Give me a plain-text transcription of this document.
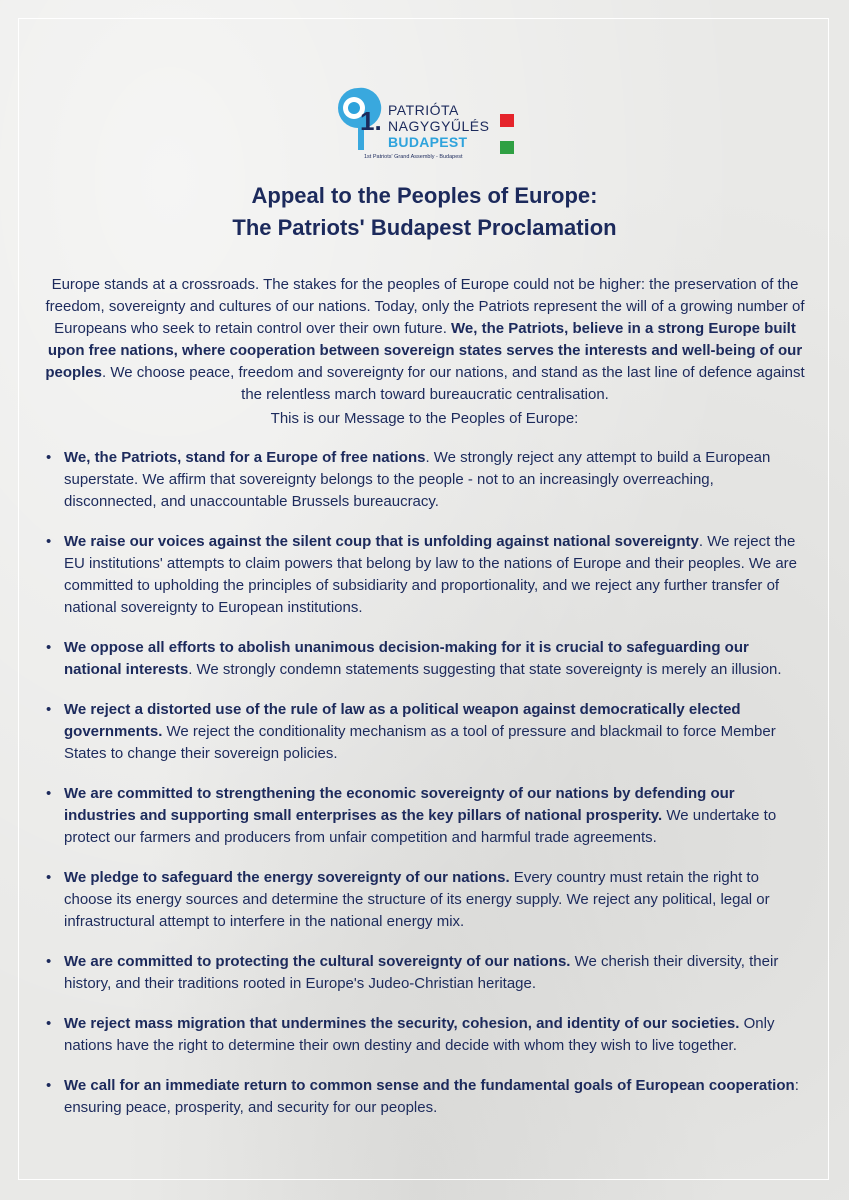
1. PATRIÓTA
NAGYGYŰLÉS
BUDAPEST
1st Patriots' Grand Assembly - Budapest
Appeal to the Peoples of Europe:
The Patriots' Budapest Proclamation

Europe stands at a crossroads. The stakes for the peoples of Europe could not be higher: the preservation of the freedom, sovereignty and cultures of our nations. Today, only the Patriots represent the will of a growing number of Europeans who seek to retain control over their own future. We, the Patriots, believe in a strong Europe built upon free nations, where cooperation between sovereign states serves the interests and well-being of our peoples. We choose peace, freedom and sovereignty for our nations, and stand as the last line of defence against the relentless march toward bureaucratic centralisation.

This is our Message to the Peoples of Europe:

• We, the Patriots, stand for a Europe of free nations. We strongly reject any attempt to build a European superstate. We affirm that sovereignty belongs to the people - not to an increasingly overreaching, disconnected, and unaccountable Brussels bureaucracy.
• We raise our voices against the silent coup that is unfolding against national sovereignty. We reject the EU institutions' attempts to claim powers that belong by law to the nations of Europe and their peoples. We are committed to upholding the principles of subsidiarity and proportionality, and we reject any further transfer of national sovereignty to European institutions.
• We oppose all efforts to abolish unanimous decision-making for it is crucial to safeguarding our national interests. We strongly condemn statements suggesting that state sovereignty is merely an illusion.
• We reject a distorted use of the rule of law as a political weapon against democratically elected governments. We reject the conditionality mechanism as a tool of pressure and blackmail to force Member States to change their sovereign policies.
• We are committed to strengthening the economic sovereignty of our nations by defending our industries and supporting small enterprises as the key pillars of national prosperity. We undertake to protect our farmers and producers from unfair competition and harmful trade agreements.
• We pledge to safeguard the energy sovereignty of our nations. Every country must retain the right to choose its energy sources and determine the structure of its energy supply. We reject any political, legal or infrastructural attempt to interfere in the national energy mix.
• We are committed to protecting the cultural sovereignty of our nations. We cherish their diversity, their history, and their traditions rooted in Europe's Judeo-Christian heritage.
• We reject mass migration that undermines the security, cohesion, and identity of our societies. Only nations have the right to determine their own destiny and decide with whom they wish to live together.
• We call for an immediate return to common sense and the fundamental goals of European cooperation: ensuring peace, prosperity, and security for our peoples.
